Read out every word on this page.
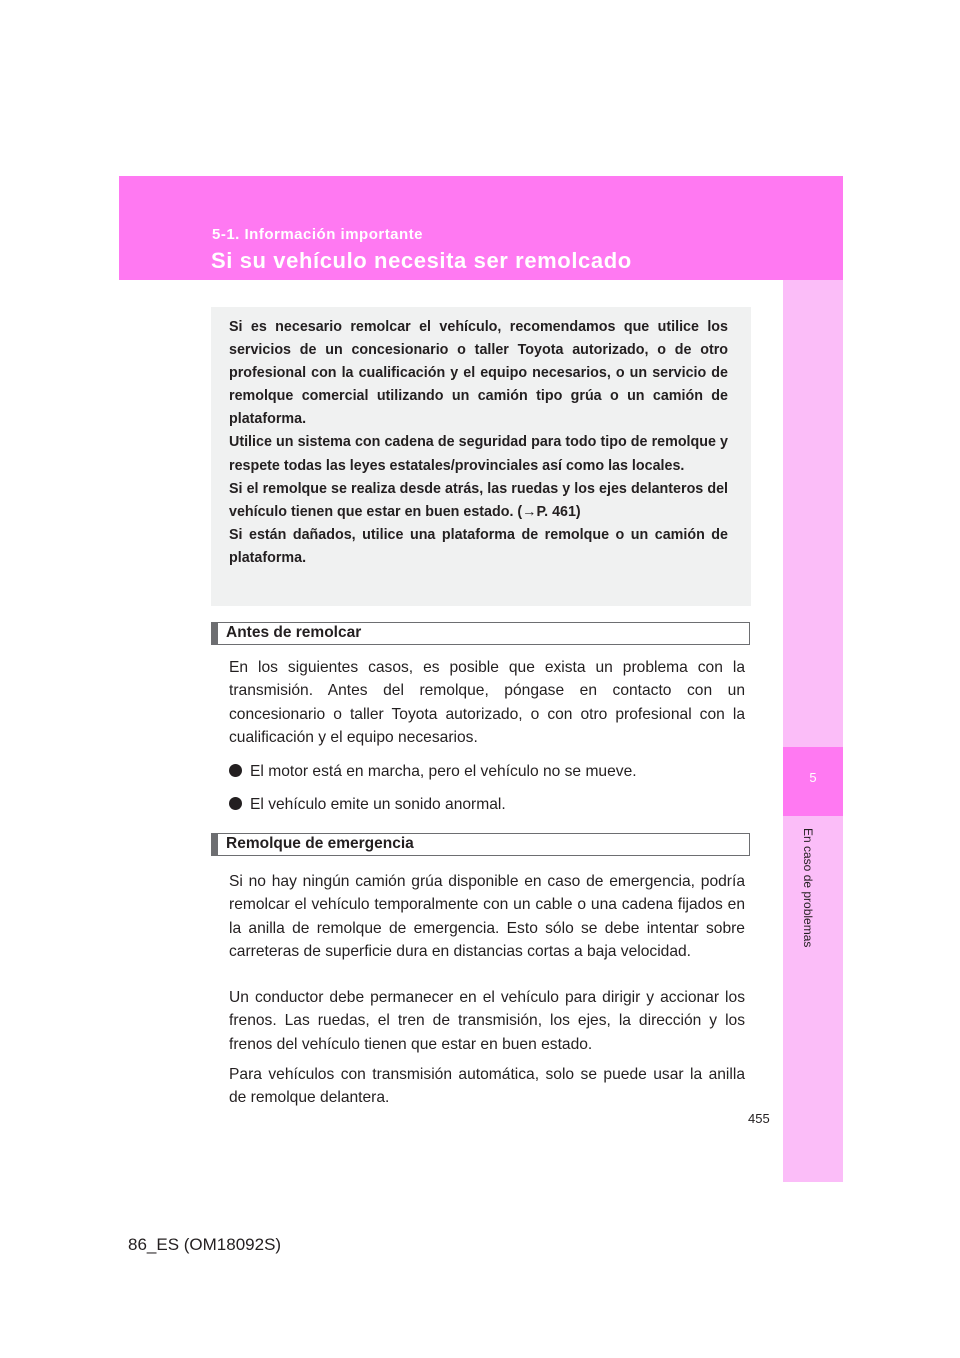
5-1. Información importante
Si su vehículo necesita ser remolcado
5
En caso de problemas
Si es necesario remolcar el vehículo, recomendamos que utilice los servicios de un concesionario o taller Toyota autorizado, o de otro profesional con la cualificación y el equipo necesarios, o un servicio de remolque comercial utilizando un camión tipo grúa o un camión de plataforma.
Utilice un sistema con cadena de seguridad para todo tipo de remolque y respete todas las leyes estatales/provinciales así como las locales.
Si el remolque se realiza desde atrás, las ruedas y los ejes delanteros del vehículo tienen que estar en buen estado. (→P. 461)
Si están dañados, utilice una plataforma de remolque o un camión de plataforma.
Antes de remolcar

En los siguientes casos, es posible que exista un problema con la transmisión. Antes del remolque, póngase en contacto con un concesionario o taller Toyota autorizado, o con otro profesional con la cualificación y el equipo necesarios.

El motor está en marcha, pero el vehículo no se mueve.
El vehículo emite un sonido anormal.
Remolque de emergencia

Si no hay ningún camión grúa disponible en caso de emergencia, podría remolcar el vehículo temporalmente con un cable o una cadena fijados en la anilla de remolque de emergencia. Esto sólo se debe intentar sobre carreteras de superficie dura en distancias cortas a baja velocidad.

Un conductor debe permanecer en el vehículo para dirigir y accionar los frenos. Las ruedas, el tren de transmisión, los ejes, la dirección y los frenos del vehículo tienen que estar en buen estado.

Para vehículos con transmisión automática, solo se puede usar la anilla de remolque delantera.

455
86_ES (OM18092S)
